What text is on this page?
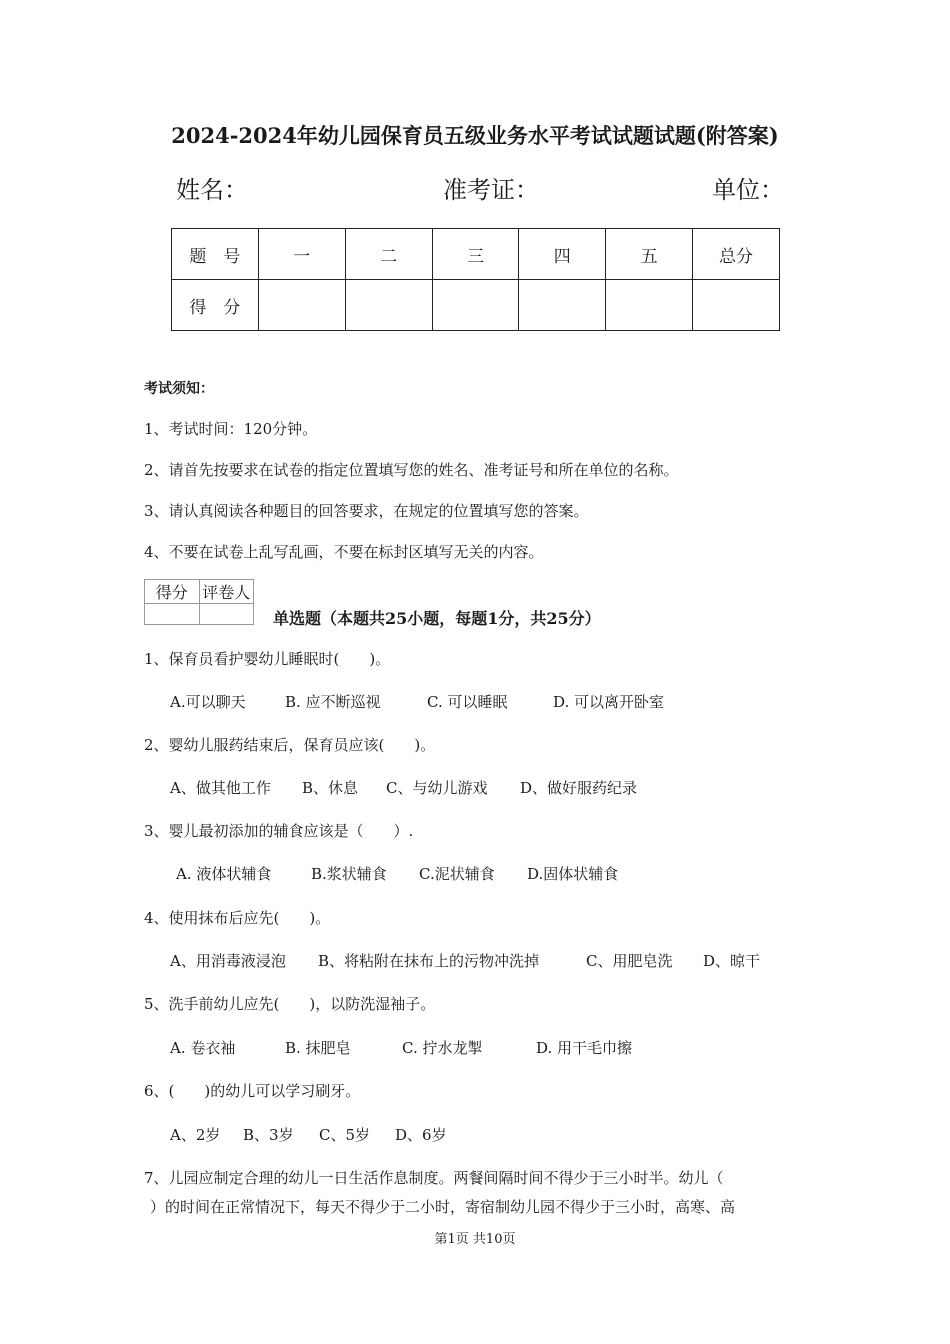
2024-2024年幼儿园保育员五级业务水平考试试题试题(附答案)
姓名：	准考证：	单位：
题　号	一	二	三	四	五	总分
得　分						
考试须知：
1、考试时间：120分钟。
2、请首先按要求在试卷的指定位置填写您的姓名、准考证号和所在单位的名称。
3、请认真阅读各种题目的回答要求，在规定的位置填写您的答案。
4、不要在试卷上乱写乱画，不要在标封区填写无关的内容。
得分	评卷人

单选题（本题共25小题，每题1分，共25分）
1、保育员看护婴幼儿睡眠时(　　)。
A.可以聊天	B. 应不断巡视	C. 可以睡眠	D. 可以离开卧室
2、婴幼儿服药结束后，保育员应该(　　)。
A、做其他工作 B、休息 C、与幼儿游戏 D、做好服药纪录
3、婴儿最初添加的辅食应该是（　　）.
A. 液体状辅食	B.浆状辅食 C.泥状辅食 D.固体状辅食
4、使用抹布后应先(　　)。
A、用消毒液浸泡 B、将粘附在抹布上的污物冲洗掉	C、用肥皂洗 D、晾干
5、洗手前幼儿应先(　　)，以防洗湿袖子。
A. 卷衣袖	B. 抹肥皂	C. 拧水龙掣	D. 用干毛巾擦
6、(　　)的幼儿可以学习刷牙。
A、2岁 B、3岁 C、5岁 D、6岁
7、儿园应制定合理的幼儿一日生活作息制度。两餐间隔时间不得少于三小时半。幼儿（
）的时间在正常情况下，每天不得少于二小时，寄宿制幼儿园不得少于三小时，高寒、高
第1页 共10页
